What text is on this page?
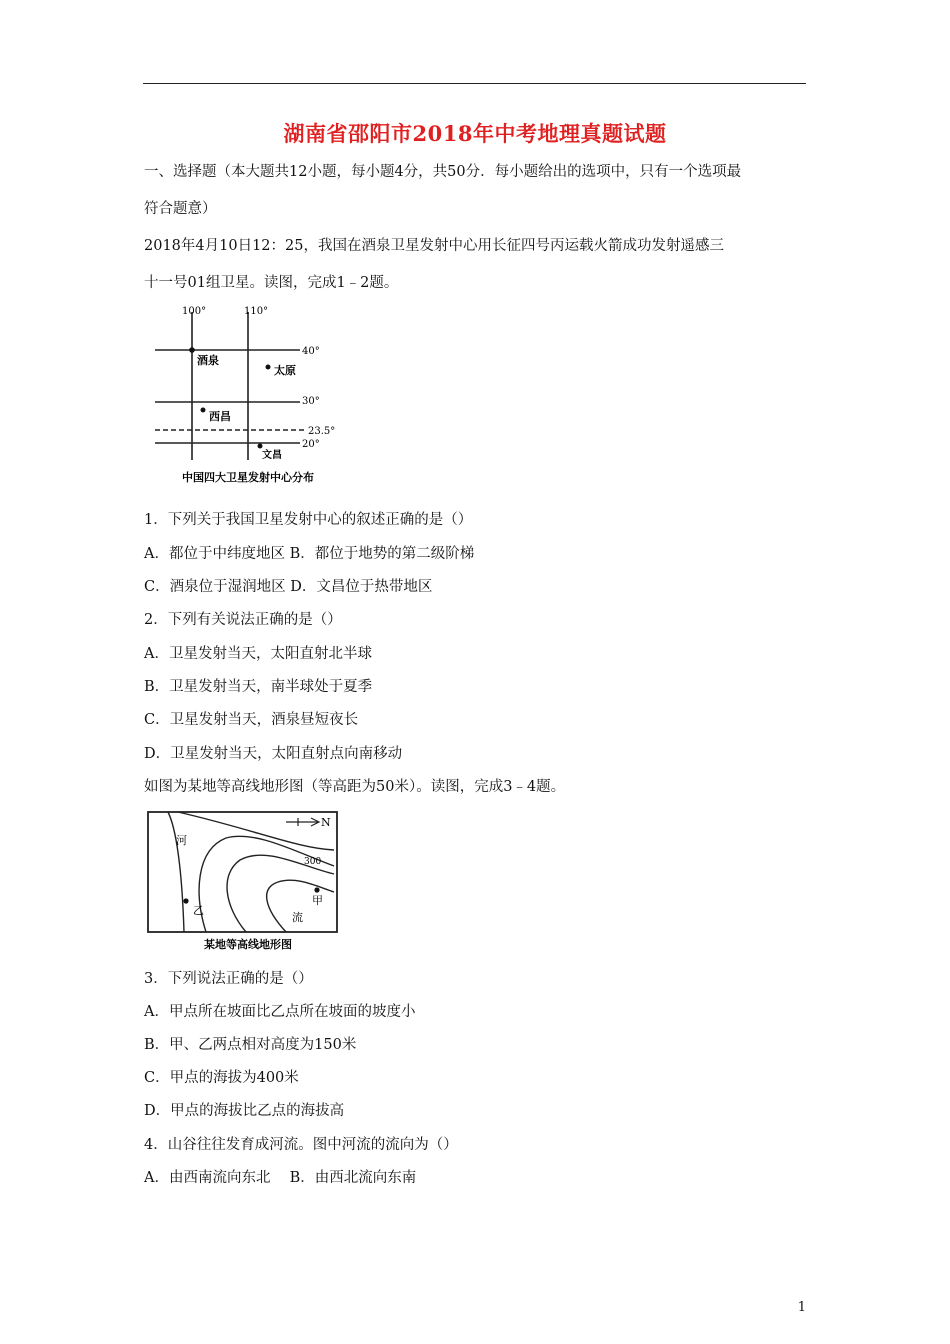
湖南省邵阳市2018年中考地理真题试题
一、选择题（本大题共12小题，每小题4分，共50分．每小题给出的选项中，只有一个选项最
符合题意）
2018年4月10日12：25，我国在酒泉卫星发射中心用长征四号丙运载火箭成功发射遥感三
十一号01组卫星。读图，完成1﹣2题。
100°	110°
40°
30°
23.5°
20°
酒泉
太原
西昌
文昌
中国四大卫星发射中心分布
1．下列关于我国卫星发射中心的叙述正确的是（）
A．都位于中纬度地区 B．都位于地势的第二级阶梯
C．酒泉位于湿润地区 D．文昌位于热带地区
2．下列有关说法正确的是（）
A．卫星发射当天，太阳直射北半球
B．卫星发射当天，南半球处于夏季
C．卫星发射当天，酒泉昼短夜长
D．卫星发射当天，太阳直射点向南移动
如图为某地等高线地形图（等高距为50米）。读图，完成3﹣4题。
N
300
河
流
甲
乙
某地等高线地形图
3．下列说法正确的是（）
A．甲点所在坡面比乙点所在坡面的坡度小
B．甲、乙两点相对高度为150米
C．甲点的海拔为400米
D．甲点的海拔比乙点的海拔高
4．山谷往往发育成河流。图中河流的流向为（）
A．由西南流向东北　 B．由西北流向东南
1
